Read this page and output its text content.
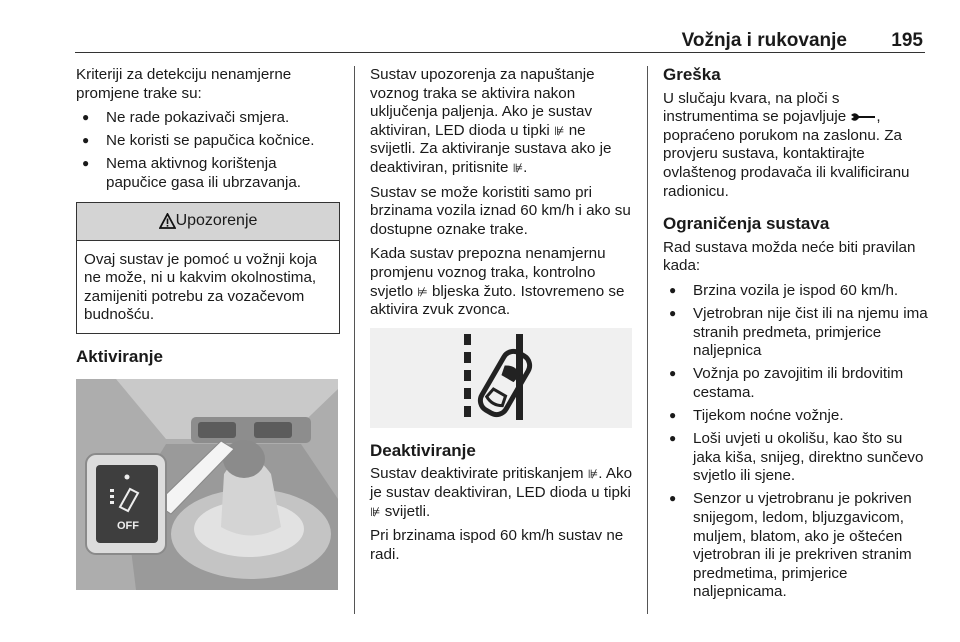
Vožnja i rukovanje 195

Kriteriji za detekciju nenamjerne promjene trake su:

● Ne rade pokazivači smjera.
● Ne koristi se papučica kočnice.
● Nema aktivnog korištenja papučice gasa ili ubrzavanja.
Upozorenje
Ovaj sustav je pomoć u vožnji koja ne može, ni u kakvim okolnostima, zamijeniti potrebu za vozačevom budnošću.
Aktiviranje
OFF

Sustav upozorenja za napuštanje voznog traka se aktivira nakon uključenja paljenja. Ako je sustav aktiviran, LED dioda u tipki ⊯ ne svijetli. Za aktiviranje sustava ako je deaktiviran, pritisnite ⊯.

Sustav se može koristiti samo pri brzinama vozila iznad 60 km/h i ako su dostupne oznake trake.

Kada sustav prepozna nenamjernu promjenu voznog traka, kontrolno svjetlo ⊭ bljeska žuto. Istovremeno se aktivira zvuk zvonca.

Deaktiviranje

Sustav deaktivirate pritiskanjem ⊯. Ako je sustav deaktiviran, LED dioda u tipki ⊯ svijetli.

Pri brzinama ispod 60 km/h sustav ne radi.

Greška

U slučaju kvara, na ploči s instrumentima se pojavljuje , popraćeno porukom na zaslonu. Za provjeru sustava, kontaktirajte ovlaštenog prodavača ili kvalificiranu radionicu.

Ograničenja sustava

Rad sustava možda neće biti pravilan kada:

● Brzina vozila je ispod 60 km/h.
● Vjetrobran nije čist ili na njemu ima stranih predmeta, primjerice naljepnica
● Vožnja po zavojitim ili brdovitim cestama.
● Tijekom noćne vožnje.
● Loši uvjeti u okolišu, kao što su jaka kiša, snijeg, direktno sunčevo svjetlo ili sjene.
● Senzor u vjetrobranu je pokriven snijegom, ledom, bljuzgavicom, muljem, blatom, ako je oštećen vjetrobran ili je prekriven stranim predmetima, primjerice naljepnicama.
